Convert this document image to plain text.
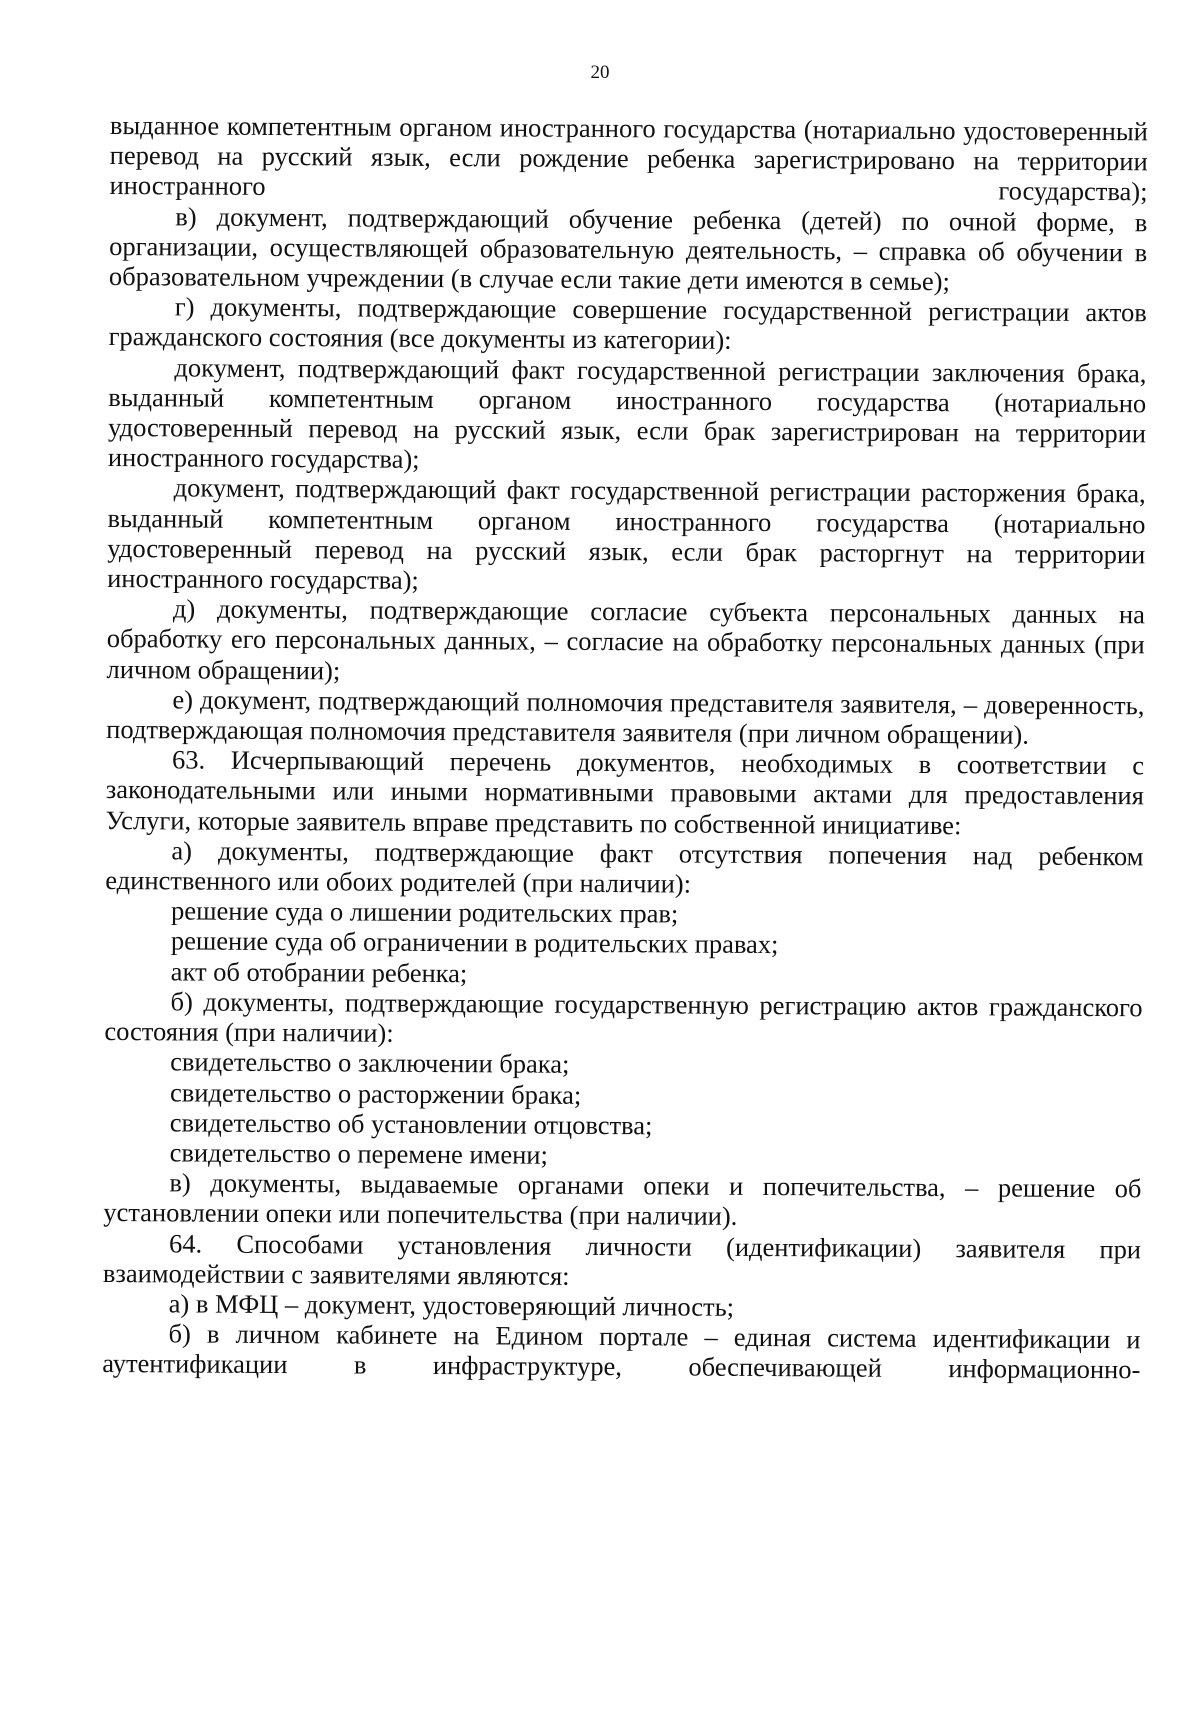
20

выданное компетентным органом иностранного государства (нотариально удостоверенный перевод на русский язык, если рождение ребенка зарегистрировано на территории иностранного государства);

в) документ, подтверждающий обучение ребенка (детей) по очной форме, в организации, осуществляющей образовательную деятельность, – справка об обучении в образовательном учреждении (в случае если такие дети имеются в семье);

г) документы, подтверждающие совершение государственной регистрации актов гражданского состояния (все документы из категории):

документ, подтверждающий факт государственной регистрации заключения брака, выданный компетентным органом иностранного государства (нотариально удостоверенный перевод на русский язык, если брак зарегистрирован на территории иностранного государства);

документ, подтверждающий факт государственной регистрации расторжения брака, выданный компетентным органом иностранного государства (нотариально удостоверенный перевод на русский язык, если брак расторгнут на территории иностранного государства);

д) документы, подтверждающие согласие субъекта персональных данных на обработку его персональных данных, – согласие на обработку персональных данных (при личном обращении);

е) документ, подтверждающий полномочия представителя заявителя, – доверенность, подтверждающая полномочия представителя заявителя (при личном обращении).

63. Исчерпывающий перечень документов, необходимых в соответствии с законодательными или иными нормативными правовыми актами для предоставления Услуги, которые заявитель вправе представить по собственной инициативе:

а) документы, подтверждающие факт отсутствия попечения над ребенком единственного или обоих родителей (при наличии):

решение суда о лишении родительских прав;

решение суда об ограничении в родительских правах;

акт об отобрании ребенка;

б) документы, подтверждающие государственную регистрацию актов гражданского состояния (при наличии):

свидетельство о заключении брака;

свидетельство о расторжении брака;

свидетельство об установлении отцовства;

свидетельство о перемене имени;

в) документы, выдаваемые органами опеки и попечительства, – решение об установлении опеки или попечительства (при наличии).

64. Способами установления личности (идентификации) заявителя при взаимодействии с заявителями являются:

а) в МФЦ – документ, удостоверяющий личность;

б) в личном кабинете на Едином портале – единая система идентификации и аутентификации в инфраструктуре, обеспечивающей информационно-
